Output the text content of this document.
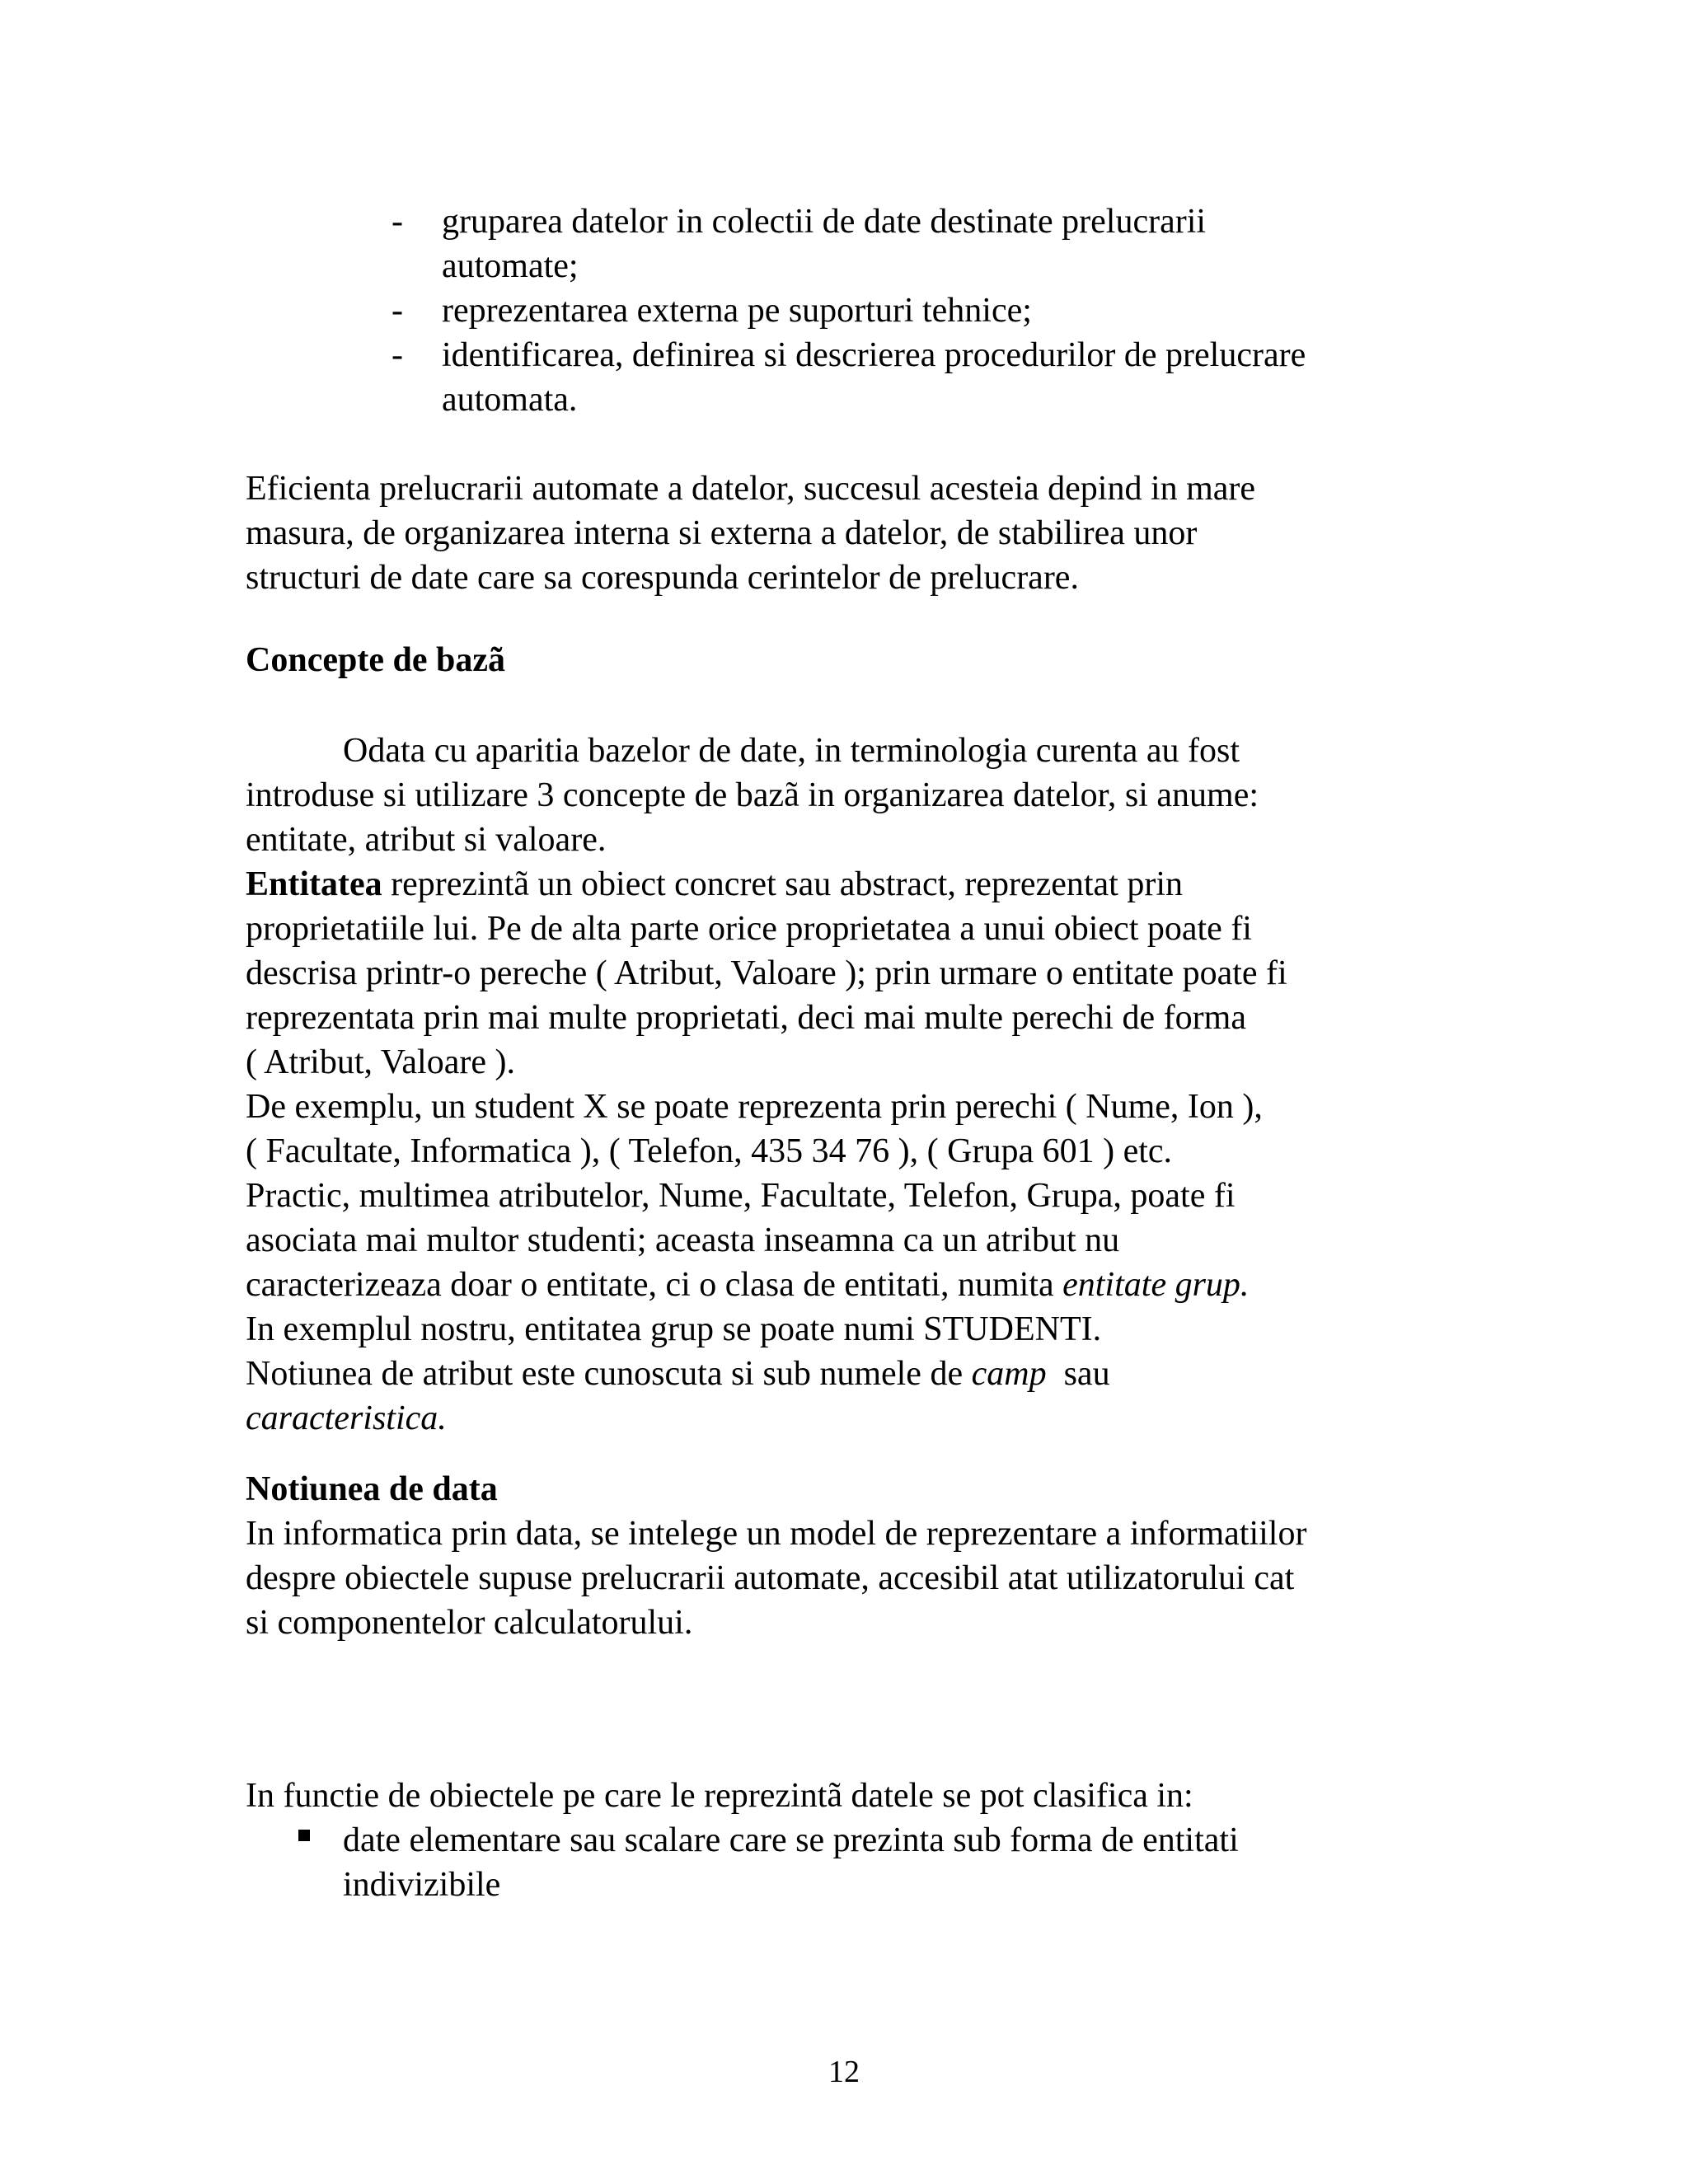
- gruparea datelor in colectii de date destinate prelucrarii
automate;
- reprezentarea externa pe suporturi tehnice;
- identificarea, definirea si descrierea procedurilor de prelucrare
automata.
Eficienta prelucrarii automate a datelor, succesul acesteia depind in mare
masura, de organizarea interna si externa a datelor, de stabilirea unor
structuri de date care sa corespunda cerintelor de prelucrare.
Concepte de bazã
Odata cu aparitia bazelor de date, in terminologia curenta au fost
introduse si utilizare 3 concepte de bazã in organizarea datelor, si anume:
entitate, atribut si valoare.
Entitatea reprezintã un obiect concret sau abstract, reprezentat prin
proprietatiile lui. Pe de alta parte orice proprietatea a unui obiect poate fi
descrisa printr-o pereche ( Atribut, Valoare ); prin urmare o entitate poate fi
reprezentata prin mai multe proprietati, deci mai multe perechi de forma
( Atribut, Valoare ).
De exemplu, un student X se poate reprezenta prin perechi ( Nume, Ion ),
( Facultate, Informatica ), ( Telefon, 435 34 76 ), ( Grupa 601 ) etc.
Practic, multimea atributelor, Nume, Facultate, Telefon, Grupa, poate fi
asociata mai multor studenti; aceasta inseamna ca un atribut nu
caracterizeaza doar o entitate, ci o clasa de entitati, numita entitate grup.
In exemplul nostru, entitatea grup se poate numi STUDENTI.
Notiunea de atribut este cunoscuta si sub numele de camp  sau
caracteristica.
Notiunea de data
In informatica prin data, se intelege un model de reprezentare a informatiilor
despre obiectele supuse prelucrarii automate, accesibil atat utilizatorului cat
si componentelor calculatorului.
In functie de obiectele pe care le reprezintã datele se pot clasifica in:
date elementare sau scalare care se prezinta sub forma de entitati
indivizibile
12
